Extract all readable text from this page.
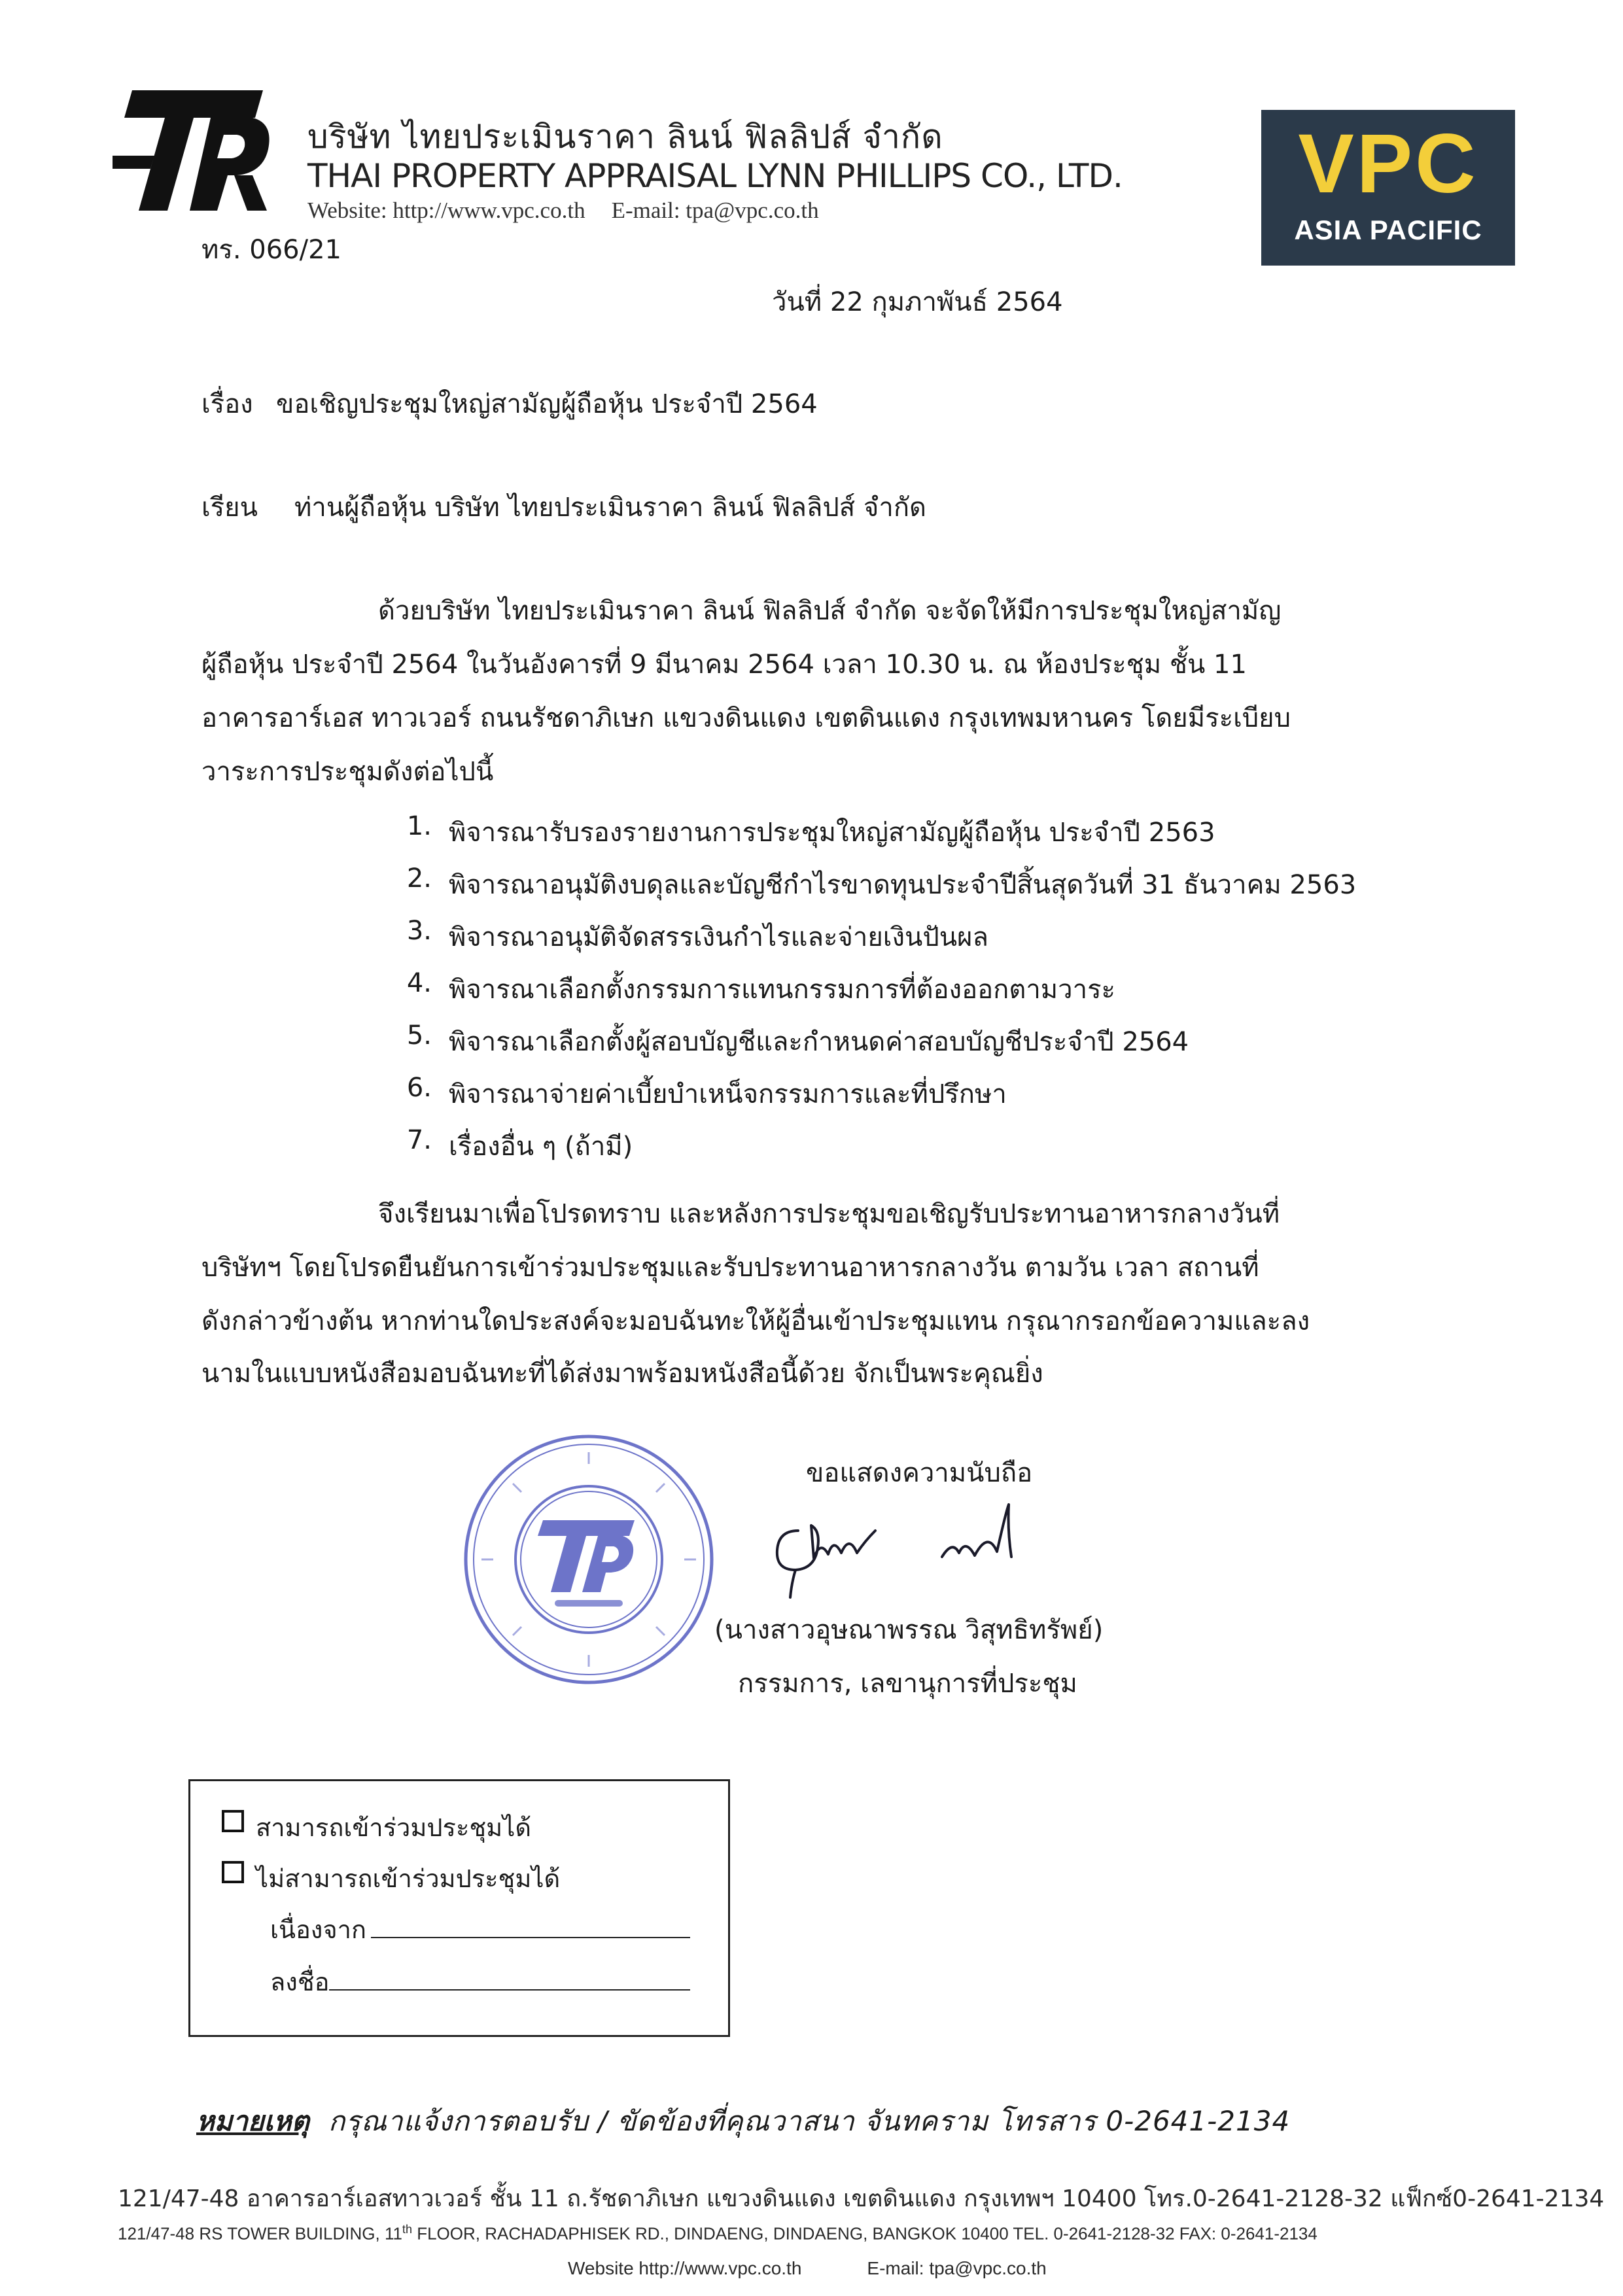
บริษัท ไทยประเมินราคา ลินน์ ฟิลลิปส์ จำกัด
THAI PROPERTY APPRAISAL LYNN PHILLIPS CO., LTD.
Website: http://www.vpc.co.th E-mail: tpa@vpc.co.th	VPC
ASIA PACIFIC
ทร. 066/21
วันที่ 22 กุมภาพันธ์ 2564
เรื่อง ขอเชิญประชุมใหญ่สามัญผู้ถือหุ้น ประจำปี 2564
เรียน ท่านผู้ถือหุ้น บริษัท ไทยประเมินราคา ลินน์ ฟิลลิปส์ จำกัด
ด้วยบริษัท ไทยประเมินราคา ลินน์ ฟิลลิปส์ จำกัด จะจัดให้มีการประชุมใหญ่สามัญ
ผู้ถือหุ้น ประจำปี 2564 ในวันอังคารที่ 9 มีนาคม 2564 เวลา 10.30 น. ณ ห้องประชุม ชั้น 11
อาคารอาร์เอส ทาวเวอร์ ถนนรัชดาภิเษก แขวงดินแดง เขตดินแดง กรุงเทพมหานคร โดยมีระเบียบ
วาระการประชุมดังต่อไปนี้
1. พิจารณารับรองรายงานการประชุมใหญ่สามัญผู้ถือหุ้น ประจำปี 2563
2. พิจารณาอนุมัติงบดุลและบัญชีกำไรขาดทุนประจำปีสิ้นสุดวันที่ 31 ธันวาคม 2563
3. พิจารณาอนุมัติจัดสรรเงินกำไรและจ่ายเงินปันผล
4. พิจารณาเลือกตั้งกรรมการแทนกรรมการที่ต้องออกตามวาระ
5. พิจารณาเลือกตั้งผู้สอบบัญชีและกำหนดค่าสอบบัญชีประจำปี 2564
6. พิจารณาจ่ายค่าเบี้ยบำเหน็จกรรมการและที่ปรึกษา
7. เรื่องอื่น ๆ (ถ้ามี)
จึงเรียนมาเพื่อโปรดทราบ และหลังการประชุมขอเชิญรับประทานอาหารกลางวันที่
บริษัทฯ โดยโปรดยืนยันการเข้าร่วมประชุมและรับประทานอาหารกลางวัน ตามวัน เวลา สถานที่
ดังกล่าวข้างต้น หากท่านใดประสงค์จะมอบฉันทะให้ผู้อื่นเข้าประชุมแทน กรุณากรอกข้อความและลง
นามในแบบหนังสือมอบฉันทะที่ได้ส่งมาพร้อมหนังสือนี้ด้วย จักเป็นพระคุณยิ่ง
ขอแสดงความนับถือ
(นางสาวอุษณาพรรณ วิสุทธิทรัพย์)
กรรมการ, เลขานุการที่ประชุม
สามารถเข้าร่วมประชุมได้
ไม่สามารถเข้าร่วมประชุมได้
เนื่องจาก
ลงชื่อ
หมายเหตุ กรุณาแจ้งการตอบรับ / ขัดข้องที่คุณวาสนา จันทคราม โทรสาร 0-2641-2134
121/47-48 อาคารอาร์เอสทาวเวอร์ ชั้น 11 ถ.รัชดาภิเษก แขวงดินแดง เขตดินแดง กรุงเทพฯ 10400 โทร.0-2641-2128-32 แฟ็กซ์0-2641-2134
121/47-48 RS TOWER BUILDING, 11th FLOOR, RACHADAPHISEK RD., DINDAENG, DINDAENG, BANGKOK 10400 TEL. 0-2641-2128-32 FAX: 0-2641-2134
Website http://www.vpc.co.th	E-mail: tpa@vpc.co.th
